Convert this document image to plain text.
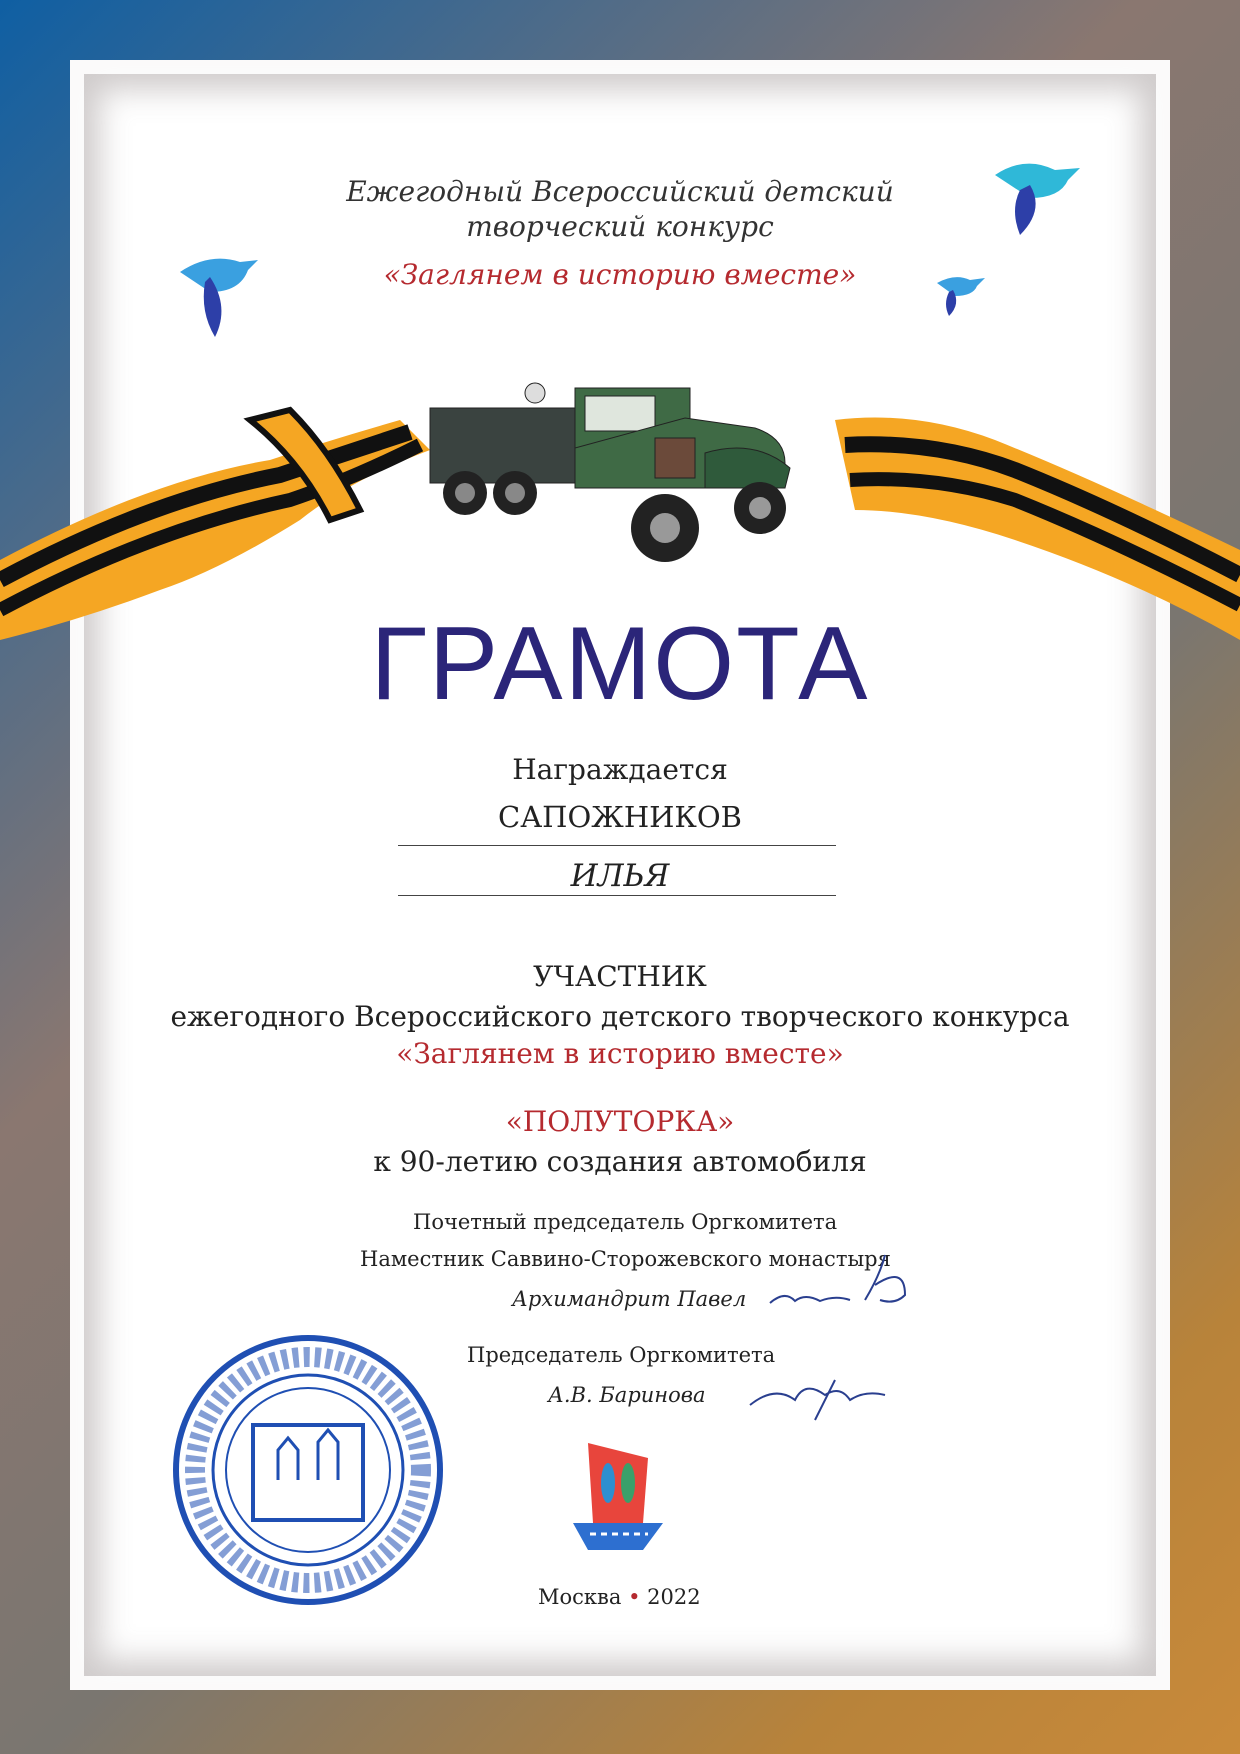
Ежегодный Всероссийский детский
творческий конкурс
«Заглянем в историю вместе»
ГРАМОТА
Награждается
САПОЖНИКОВ
ИЛЬЯ
УЧАСТНИК
ежегодного Всероссийского детского творческого конкурса
«Заглянем в историю вместе»
«ПОЛУТОРКА»
к 90-летию создания автомобиля
Почетный председатель Оргкомитета
Наместник Саввино-Сторожевского монастыря
Архимандрит Павел
Председатель Оргкомитета
А.В. Баринова
Москва • 2022
